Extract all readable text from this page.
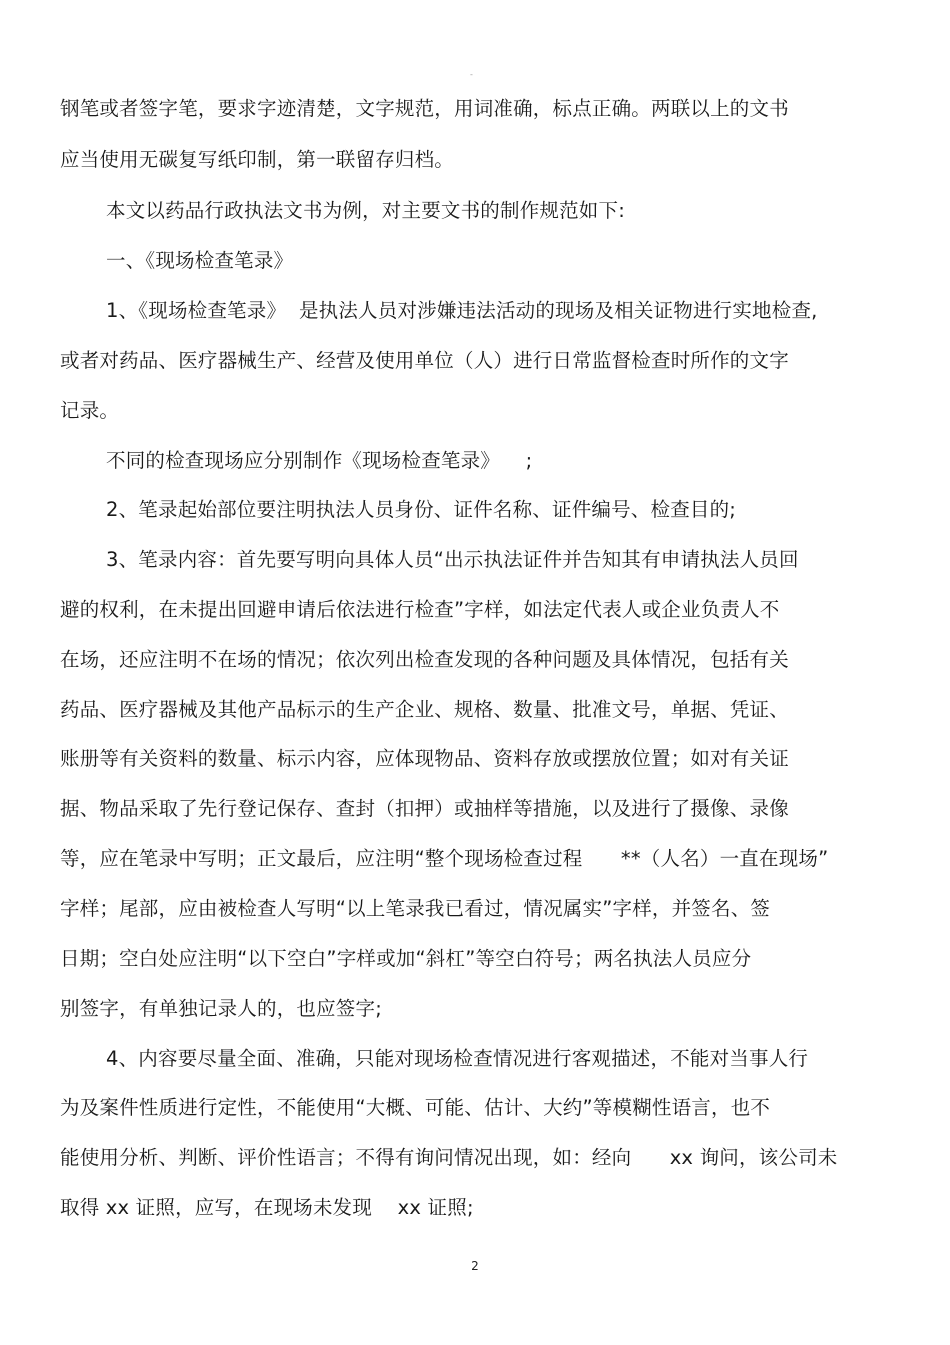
-
钢笔或者签字笔，要求字迹清楚，文字规范，用词准确，标点正确。两联以上的文书
应当使用无碳复写纸印制，第一联留存归档。
本文以药品行政执法文书为例，对主要文书的制作规范如下:
一、《现场检查笔录》
1、《现场检查笔录》  是执法人员对涉嫌违法活动的现场及相关证物进行实地检查,
或者对药品、医疗器械生产、经营及使用单位（人）进行日常监督检查时所作的文字
记录。
不同的检查现场应分别制作《现场检查笔录》    ;
2、笔录起始部位要注明执法人员身份、证件名称、证件编号、检查目的;
3、笔录内容：首先要写明向具体人员“出示执法证件并告知其有申请执法人员回
避的权利，在未提出回避申请后依法进行检查”字样，如法定代表人或企业负责人不
在场，还应注明不在场的情况；依次列出检查发现的各种问题及具体情况，包括有关
药品、医疗器械及其他产品标示的生产企业、规格、数量、批准文号，单据、凭证、
账册等有关资料的数量、标示内容，应体现物品、资料存放或摆放位置；如对有关证
据、物品采取了先行登记保存、查封（扣押）或抽样等措施，以及进行了摄像、录像
等，应在笔录中写明；正文最后，应注明“整个现场检查过程      **（人名）一直在现场”
字样；尾部，应由被检查人写明“以上笔录我已看过，情况属实”字样，并签名、签
日期；空白处应注明“以下空白”字样或加“斜杠”等空白符号；两名执法人员应分
别签字，有单独记录人的，也应签字;
4、内容要尽量全面、准确，只能对现场检查情况进行客观描述，不能对当事人行
为及案件性质进行定性，不能使用“大概、可能、估计、大约”等模糊性语言，也不
能使用分析、判断、评价性语言；不得有询问情况出现，如：经向      xx 询问，该公司未
取得 xx 证照，应写，在现场未发现    xx 证照;
2
